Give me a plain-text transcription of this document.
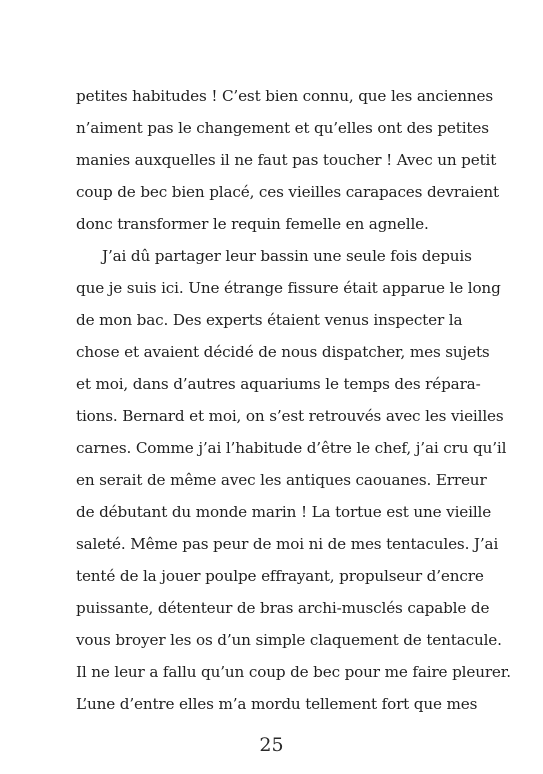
petites habitudes ! C’est bien connu, que les anciennes
n’aiment pas le changement et qu’elles ont des petites
manies auxquelles il ne faut pas toucher ! Avec un petit
coup de bec bien placé, ces vieilles carapaces devraient
donc transformer le requin femelle en agnelle.
J’ai dû partager leur bassin une seule fois depuis
que je suis ici. Une étrange fissure était apparue le long
de mon bac. Des experts étaient venus inspecter la
chose et avaient décidé de nous dispatcher, mes sujets
et moi, dans d’autres aquariums le temps des répara-
tions. Bernard et moi, on s’est retrouvés avec les vieilles
carnes. Comme j’ai l’habitude d’être le chef, j’ai cru qu’il
en serait de même avec les antiques caouanes. Erreur
de débutant du monde marin ! La tortue est une vieille
saleté. Même pas peur de moi ni de mes tentacules. J’ai
tenté de la jouer poulpe effrayant, propulseur d’encre
puissante, détenteur de bras archi-musclés capable de
vous broyer les os d’un simple claquement de tentacule.
Il ne leur a fallu qu’un coup de bec pour me faire pleurer.
L’une d’entre elles m’a mordu tellement fort que mes
25
